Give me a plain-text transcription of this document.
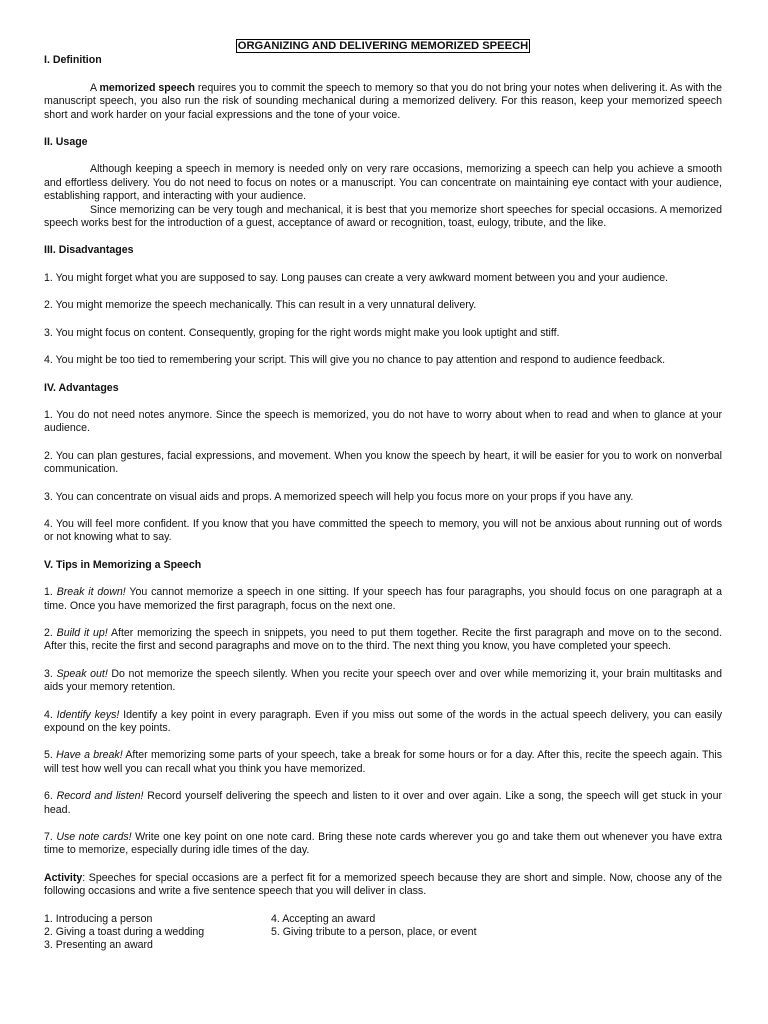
ORGANIZING AND DELIVERING MEMORIZED SPEECH
I. Definition

A memorized speech requires you to commit the speech to memory so that you do not bring your notes when delivering it. As with the manuscript speech, you also run the risk of sounding mechanical during a memorized delivery. For this reason, keep your memorized speech short and work harder on your facial expressions and the tone of your voice.

II. Usage

Although keeping a speech in memory is needed only on very rare occasions, memorizing a speech can help you achieve a smooth and effortless delivery. You do not need to focus on notes or a manuscript. You can concentrate on maintaining eye contact with your audience, establishing rapport, and interacting with your audience.

Since memorizing can be very tough and mechanical, it is best that you memorize short speeches for special occasions. A memorized speech works best for the introduction of a guest, acceptance of award or recognition, toast, eulogy, tribute, and the like.

III. Disadvantages

1. You might forget what you are supposed to say. Long pauses can create a very awkward moment between you and your audience.

2. You might memorize the speech mechanically. This can result in a very unnatural delivery.

3. You might focus on content. Consequently, groping for the right words might make you look uptight and stiff.

4. You might be too tied to remembering your script. This will give you no chance to pay attention and respond to audience feedback.

IV. Advantages

1. You do not need notes anymore. Since the speech is memorized, you do not have to worry about when to read and when to glance at your audience.

2. You can plan gestures, facial expressions, and movement. When you know the speech by heart, it will be easier for you to work on nonverbal communication.

3. You can concentrate on visual aids and props. A memorized speech will help you focus more on your props if you have any.

4. You will feel more confident. If you know that you have committed the speech to memory, you will not be anxious about running out of words or not knowing what to say.

V. Tips in Memorizing a Speech

1. Break it down! You cannot memorize a speech in one sitting. If your speech has four paragraphs, you should focus on one paragraph at a time. Once you have memorized the first paragraph, focus on the next one.

2. Build it up! After memorizing the speech in snippets, you need to put them together. Recite the first paragraph and move on to the second. After this, recite the first and second paragraphs and move on to the third. The next thing you know, you have completed your speech.

3. Speak out! Do not memorize the speech silently. When you recite your speech over and over while memorizing it, your brain multitasks and aids your memory retention.

4. Identify keys! Identify a key point in every paragraph. Even if you miss out some of the words in the actual speech delivery, you can easily expound on the key points.

5. Have a break! After memorizing some parts of your speech, take a break for some hours or for a day. After this, recite the speech again. This will test how well you can recall what you think you have memorized.

6. Record and listen! Record yourself delivering the speech and listen to it over and over again. Like a song, the speech will get stuck in your head.

7. Use note cards! Write one key point on one note card. Bring these note cards wherever you go and take them out whenever you have extra time to memorize, especially during idle times of the day.

Activity: Speeches for special occasions are a perfect fit for a memorized speech because they are short and simple. Now, choose any of the following occasions and write a five sentence speech that you will deliver in class.

1. Introducing a person
2. Giving a toast during a wedding
3. Presenting an award
4. Accepting an award
5. Giving tribute to a person, place, or event
